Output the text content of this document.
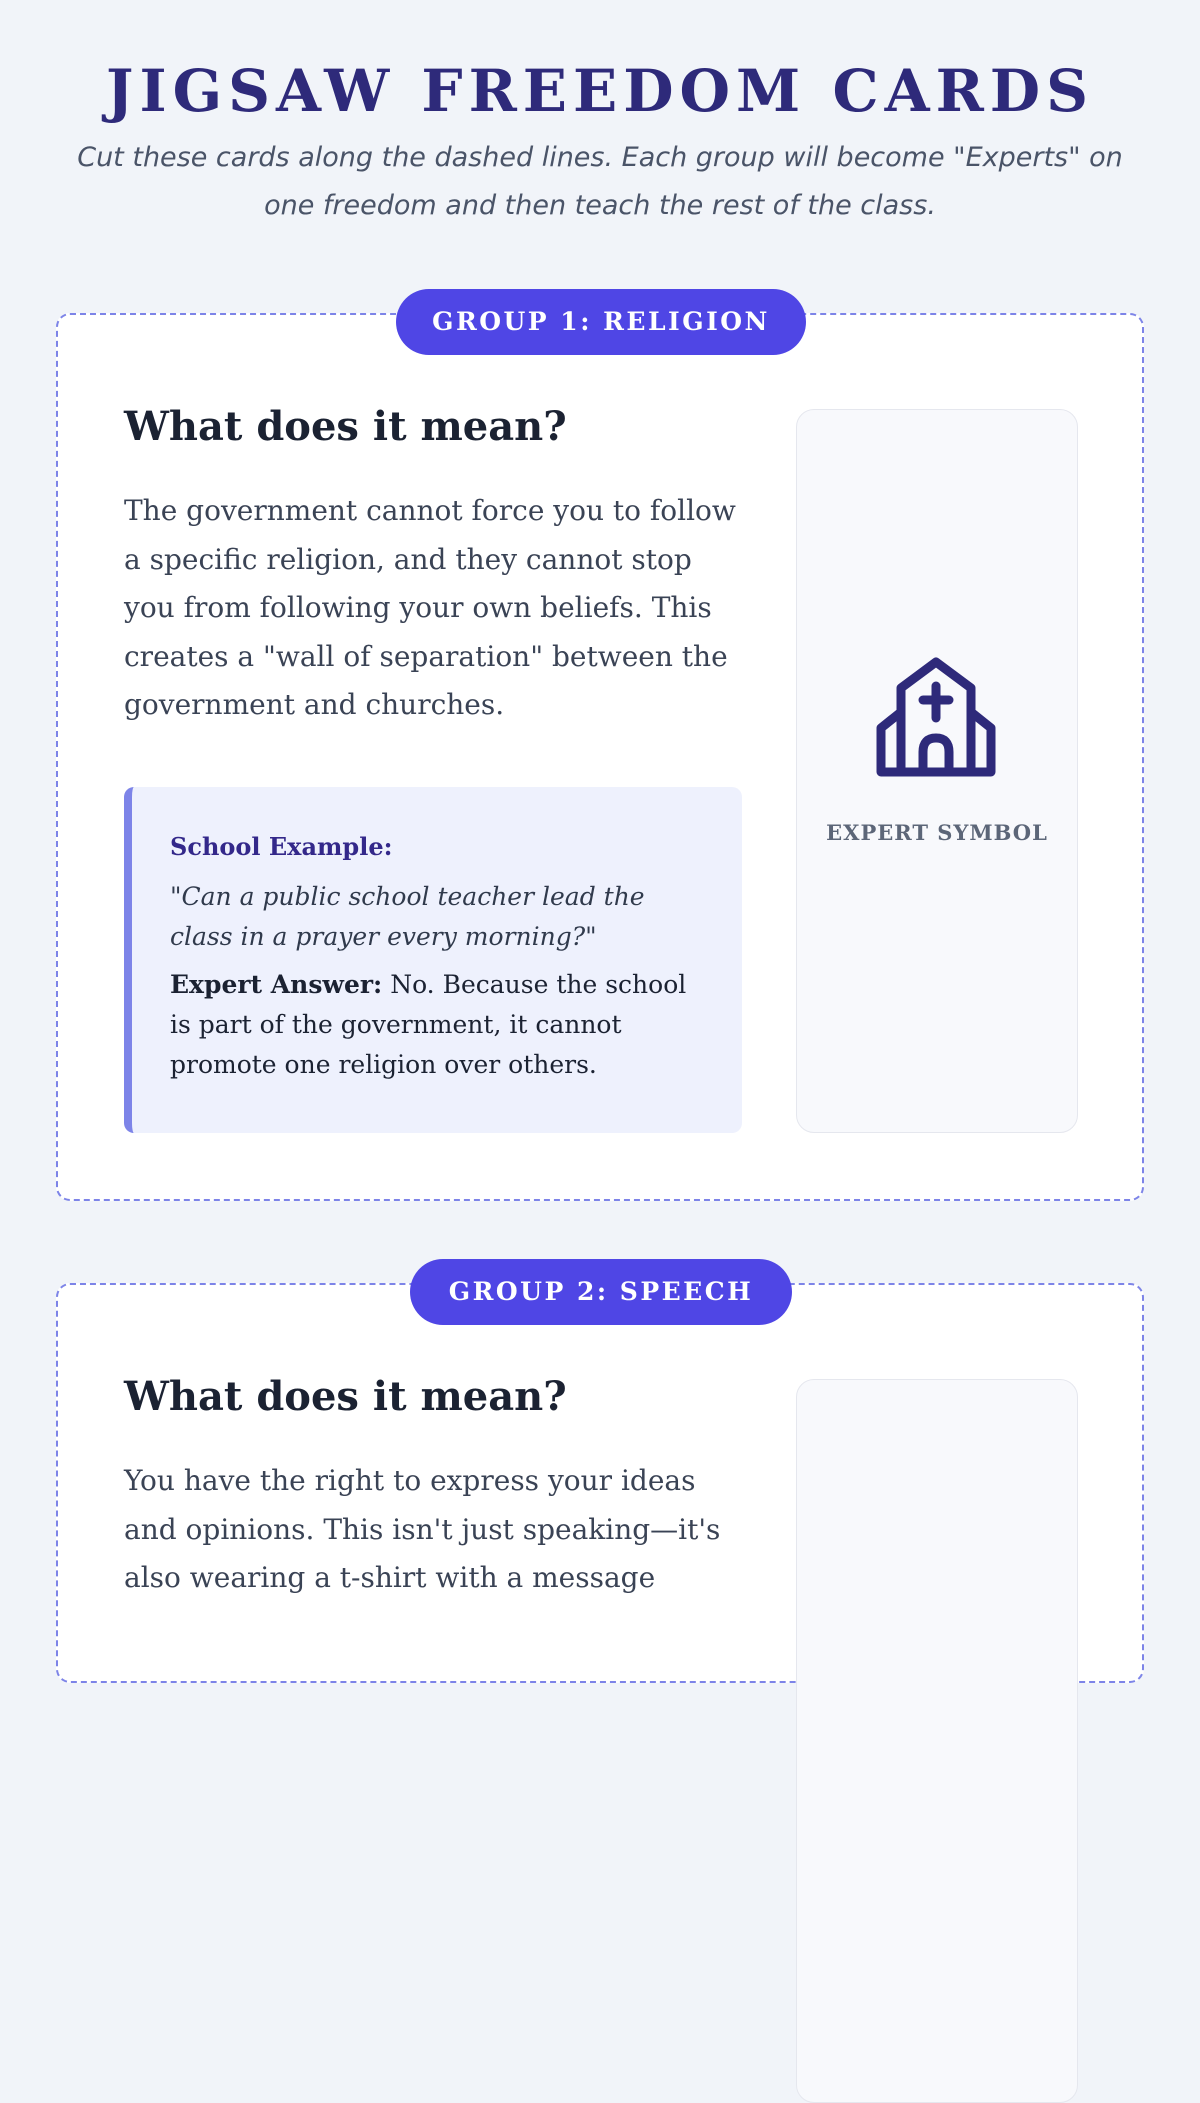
JIGSAW FREEDOM CARDS

Cut these cards along the dashed lines. Each group will become "Experts" on one freedom and then teach the rest of the class.

GROUP 1: RELIGION
What does it mean?

The government cannot force you to follow a specific religion, and they cannot stop you from following your own beliefs. This creates a "wall of separation" between the government and churches.

School Example:
"Can a public school teacher lead the class in a prayer every morning?"
Expert Answer: No. Because the school is part of the government, it cannot promote one religion over others.
EXPERT SYMBOL
GROUP 2: SPEECH
What does it mean?

You have the right to express your ideas and opinions. This isn't just speaking—it's also wearing a t-shirt with a message
